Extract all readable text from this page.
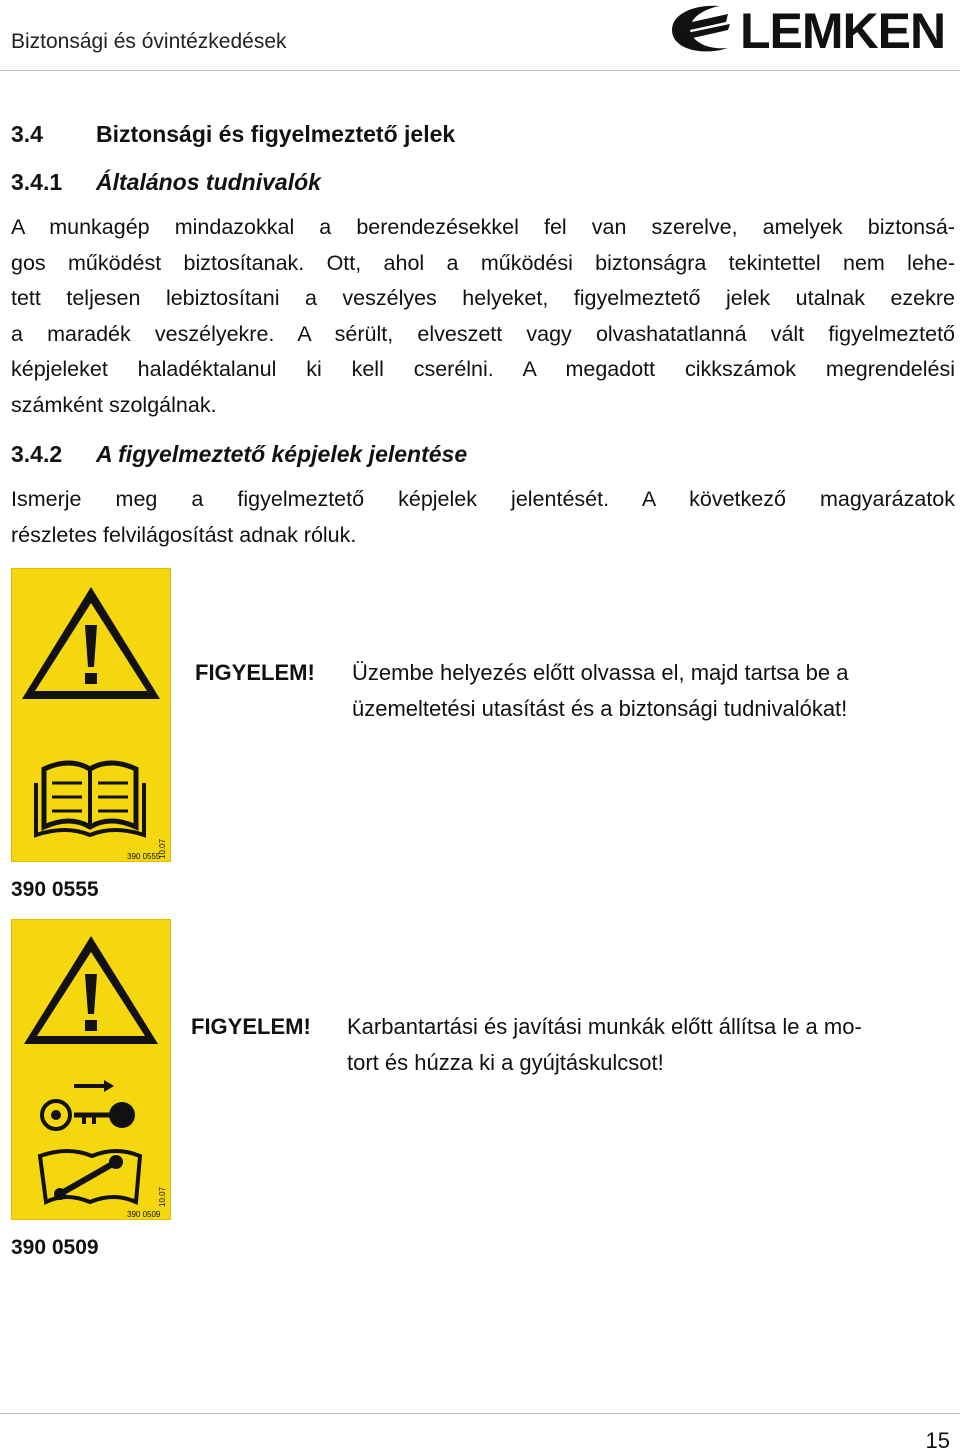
Biztonsági és óvintézkedések	LEMKEN
3.4 Biztonsági és figyelmeztető jelek
3.4.1 Általános tudnivalók
A munkagép mindazokkal a berendezésekkel fel van szerelve, amelyek biztonsá-
gos működést biztosítanak. Ott, ahol a működési biztonságra tekintettel nem lehe-
tett teljesen lebiztosítani a veszélyes helyeket, figyelmeztető jelek utalnak ezekre
a maradék veszélyekre. A sérült, elveszett vagy olvashatatlanná vált figyelmeztető
képjeleket haladéktalanul ki kell cserélni. A megadott cikkszámok megrendelési
számként szolgálnak.
3.4.2 A figyelmeztető képjelek jelentése
Ismerje meg a figyelmeztető képjelek jelentését. A következő magyarázatok
részletes felvilágosítást adnak róluk.
390 0555
10.07
390 0555
FIGYELEM! Üzembe helyezés előtt olvassa el, majd tartsa be a
üzemeltetési utasítást és a biztonsági tudnivalókat!
390 0509
10.07
390 0509
FIGYELEM! Karbantartási és javítási munkák előtt állítsa le a mo-
tort és húzza ki a gyújtáskulcsot!
15
